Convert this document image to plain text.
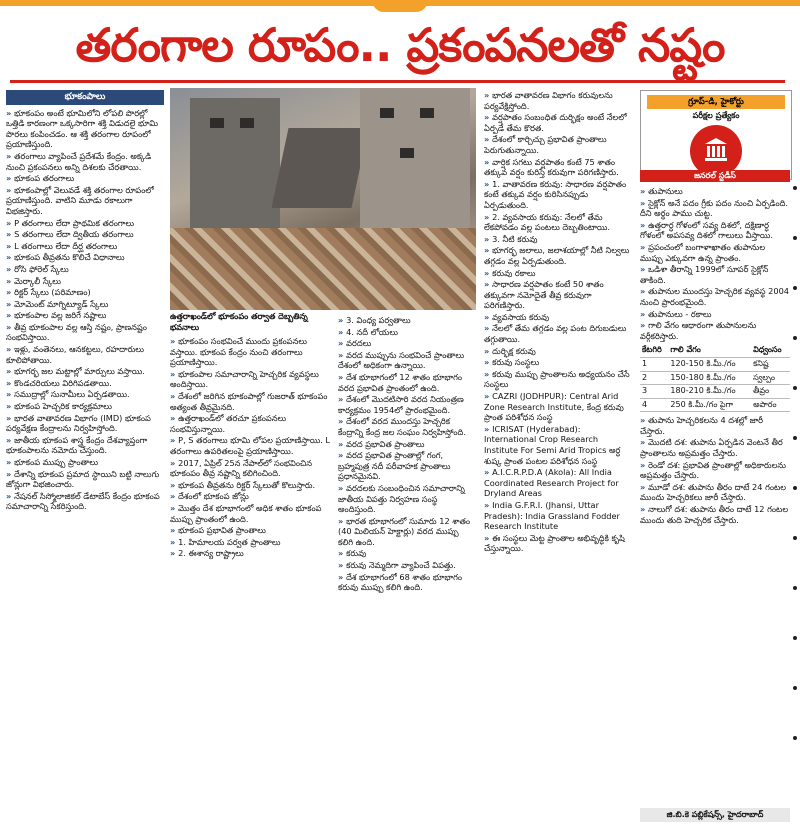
తరంగాల రూపం.. ప్రకంపనలతో నష్టం
భూకంపాలు
» భూకంపం అంటే భూమిలోని లోపలి పొరల్లో ఒత్తిడి కారణంగా ఒక్కసారిగా శక్తి విడుదలై భూమి పొరలు కంపించడం. ఆ శక్తి తరంగాల రూపంలో ప్రయాణిస్తుంది.
» తరంగాలు వ్యాపించే ప్రదేశమే కేంద్రం. అక్కడి నుంచి ప్రకంపనలు అన్ని దిశలకు చేరతాయి.
» భూకంప తరంగాలు
» భూకంపాల్లో వెలువడే శక్తి తరంగాల రూపంలో ప్రయాణిస్తుంది. వాటిని మూడు రకాలుగా విభజిస్తారు.
» P తరంగాలు లేదా ప్రాథమిక తరంగాలు
» S తరంగాలు లేదా ద్వితీయ తరంగాలు
» L తరంగాలు లేదా దీర్ఘ తరంగాలు
» భూకంప తీవ్రతను కొలిచే విధానాలు
» రోసి ఫోరెల్ స్కేలు
» మెర్కాలీ స్కేలు
» రిక్టర్ స్కేలు (పరిమాణం)
» మోమెంట్ మాగ్నిట్యూడ్ స్కేలు
» భూకంపాల వల్ల జరిగే నష్టాలు
» తీవ్ర భూకంపాల వల్ల ఆస్తి నష్టం, ప్రాణనష్టం సంభవిస్తాయి.
» ఇళ్లు, వంతెనలు, ఆనకట్టలు, రహదారులు కూలిపోతాయి.
» భూగర్భ జల మట్టాల్లో మార్పులు వస్తాయి.
» కొండచరియలు విరిగిపడతాయి.
» సముద్రాల్లో సునామీలు ఏర్పడతాయి.
» భూకంప హెచ్చరిక కార్యక్రమాలు
» భారత వాతావరణ విభాగం (IMD) భూకంప పర్యవేక్షణ కేంద్రాలను నిర్వహిస్తోంది.
» జాతీయ భూకంప శాస్త్ర కేంద్రం దేశవ్యాప్తంగా భూకంపాలను నమోదు చేస్తుంది.
» భూకంప ముప్పు ప్రాంతాలు
» దేశాన్ని భూకంప ప్రమాద స్థాయిని బట్టి నాలుగు జోన్లుగా విభజించారు.
» నేషనల్ సిస్మోలాజికల్ డేటాబేస్ కేంద్రం భూకంప సమాచారాన్ని సేకరిస్తుంది.
ఉత్తరాఖండ్‌లో భూకంపం తర్వాత దెబ్బతిన్న భవనాలు
» భూకంపం సంభవించే ముందు ప్రకంపనలు వస్తాయి. భూకంప కేంద్రం నుంచి తరంగాలు ప్రయాణిస్తాయి.
» భూకంపాల సమాచారాన్ని హెచ్చరిక వ్యవస్థలు అందిస్తాయి.
» దేశంలో జరిగిన భూకంపాల్లో గుజరాత్ భూకంపం అత్యంత తీవ్రమైనది.
» ఉత్తరాఖండ్‌లో తరచూ ప్రకంపనలు సంభవిస్తున్నాయి.
» P, S తరంగాలు భూమి లోపల ప్రయాణిస్తాయి. L తరంగాలు ఉపరితలంపై ప్రయాణిస్తాయి.
» 2017, ఏప్రిల్ 25న నేపాల్‌లో సంభవించిన భూకంపం తీవ్ర నష్టాన్ని కలిగించింది.
» భూకంప తీవ్రతను రిక్టర్ స్కేలుతో కొలుస్తారు.
» దేశంలో భూకంప జోన్లు
» మొత్తం దేశ భూభాగంలో అధిక శాతం భూకంప ముప్పు ప్రాంతంలో ఉంది.
» భూకంప ప్రభావిత ప్రాంతాలు
» 1. హిమాలయ పర్వత ప్రాంతాలు
» 2. ఈశాన్య రాష్ట్రాలు
» 3. వింధ్య పర్వతాలు
» 4. నదీ లోయలు
» వరదలు
» వరద ముప్పును సంభవించే ప్రాంతాలు దేశంలో అధికంగా ఉన్నాయి.
» దేశ భూభాగంలో 12 శాతం భూభాగం వరద ప్రభావిత ప్రాంతంలో ఉంది.
» దేశంలో మొదటిసారి వరద నియంత్రణ కార్యక్రమం 1954లో ప్రారంభమైంది.
» దేశంలో వరద ముందస్తు హెచ్చరిక కేంద్రాన్ని కేంద్ర జల సంఘం నిర్వహిస్తోంది.
» వరద ప్రభావిత ప్రాంతాలు
» వరద ప్రభావిత ప్రాంతాల్లో గంగ, బ్రహ్మపుత్ర నదీ పరీవాహక ప్రాంతాలు ప్రధానమైనవి.
» వరదలకు సంబంధించిన సమాచారాన్ని జాతీయ విపత్తు నిర్వహణ సంస్థ అందిస్తుంది.
» భారత భూభాగంలో సుమారు 12 శాతం (40 మిలియన్ హెక్టార్లు) వరద ముప్పు కలిగి ఉంది.
» కరువు
» కరువు నెమ్మదిగా వ్యాపించే విపత్తు.
» దేశ భూభాగంలో 68 శాతం భూభాగం కరువు ముప్పు కలిగి ఉంది.
» భారత వాతావరణ విభాగం కరువులను పర్యవేక్షిస్తోంది.
» వర్షపాతం సంబంధిత దుర్భిక్షం అంటే నేలలో ఏర్పడే తేమ కొరత.
» దేశంలో కార్చిచ్చు ప్రభావిత ప్రాంతాలు పెరుగుతున్నాయి.
» వార్షిక సగటు వర్షపాతం కంటే 75 శాతం తక్కువ వర్షం కురిస్తే కరువుగా పరిగణిస్తారు.
» 1. వాతావరణ కరువు: సాధారణ వర్షపాతం కంటే తక్కువ వర్షం కురిసినప్పుడు ఏర్పడుతుంది.
» 2. వ్యవసాయ కరువు: నేలలో తేమ లేకపోవడం వల్ల పంటలు దెబ్బతింటాయి.
» 3. నీటి కరువు
» భూగర్భ జలాలు, జలాశయాల్లో నీటి నిల్వలు తగ్గడం వల్ల ఏర్పడుతుంది.
» కరువు రకాలు
» సాధారణ వర్షపాతం కంటే 50 శాతం తక్కువగా నమోదైతే తీవ్ర కరువుగా పరిగణిస్తారు.
» వ్యవసాయ కరువు
» నేలలో తేమ తగ్గడం వల్ల పంట దిగుబడులు తగ్గుతాయి.
» దుర్భిక్ష కరువు
» కరువు సంస్థలు
» కరువు ముప్పు ప్రాంతాలను అధ్యయనం చేసే సంస్థలు
» CAZRI (JODHPUR): Central Arid Zone Research Institute, కేంద్ర కరువు ప్రాంత పరిశోధన సంస్థ
» ICRISAT (Hyderabad): International Crop Research Institute For Semi Arid Tropics అర్ధ శుష్క ప్రాంత పంటల పరిశోధన సంస్థ
» A.I.C.R.P.D.A (Akola): All India Coordinated Research Project for Dryland Areas
» India G.F.R.I. (Jhansi, Uttar Pradesh): India Grassland Fodder Research Institute
» ఈ సంస్థలు మెట్ట ప్రాంతాల అభివృద్ధికి కృషి చేస్తున్నాయి.
గ్రూప్-డి, హైకోర్టు
పరీక్షల ప్రత్యేకం
జనరల్ స్టడీస్
» తుపానులు
» సైక్లోన్ అనే పదం గ్రీకు పదం నుంచి ఏర్పడింది. దీని అర్థం పాము చుట్ట.
» ఉత్తరార్ధ గోళంలో సవ్య దిశలో, దక్షిణార్ధ గోళంలో అపసవ్య దిశలో గాలులు వీస్తాయి.
» ప్రపంచంలో బంగాళాఖాతం తుపానుల ముప్పు ఎక్కువగా ఉన్న ప్రాంతం.
» ఒడిశా తీరాన్ని 1999లో సూపర్ సైక్లోన్ తాకింది.
» తుపానుల ముందస్తు హెచ్చరిక వ్యవస్థ 2004 నుంచి ప్రారంభమైంది.
» తుపానులు - రకాలు
» గాలి వేగం ఆధారంగా తుపానులను వర్గీకరిస్తారు.
కేటగిరి	గాలి వేగం	విధ్వంసం
1	120-150 కి.మీ./గం	కనిష్ట
2	150-180 కి.మీ./గం	స్వల్పం
3	180-210 కి.మీ./గం	తీవ్రం
4	250 కి.మీ./గం పైగా	అపారం
» తుపాను హెచ్చరికలను 4 దశల్లో జారీ చేస్తారు.
» మొదటి దశ: తుపాను ఏర్పడిన వెంటనే తీర ప్రాంతాలను అప్రమత్తం చేస్తారు.
» రెండో దశ: ప్రభావిత ప్రాంతాల్లో అధికారులను అప్రమత్తం చేస్తారు.
» మూడో దశ: తుపాను తీరం దాటే 24 గంటల ముందు హెచ్చరికలు జారీ చేస్తారు.
» నాలుగో దశ: తుపాను తీరం దాటే 12 గంటల ముందు తుది హెచ్చరిక చేస్తారు.
జి.బి.కె పబ్లికేషన్స్, హైదరాబాద్
